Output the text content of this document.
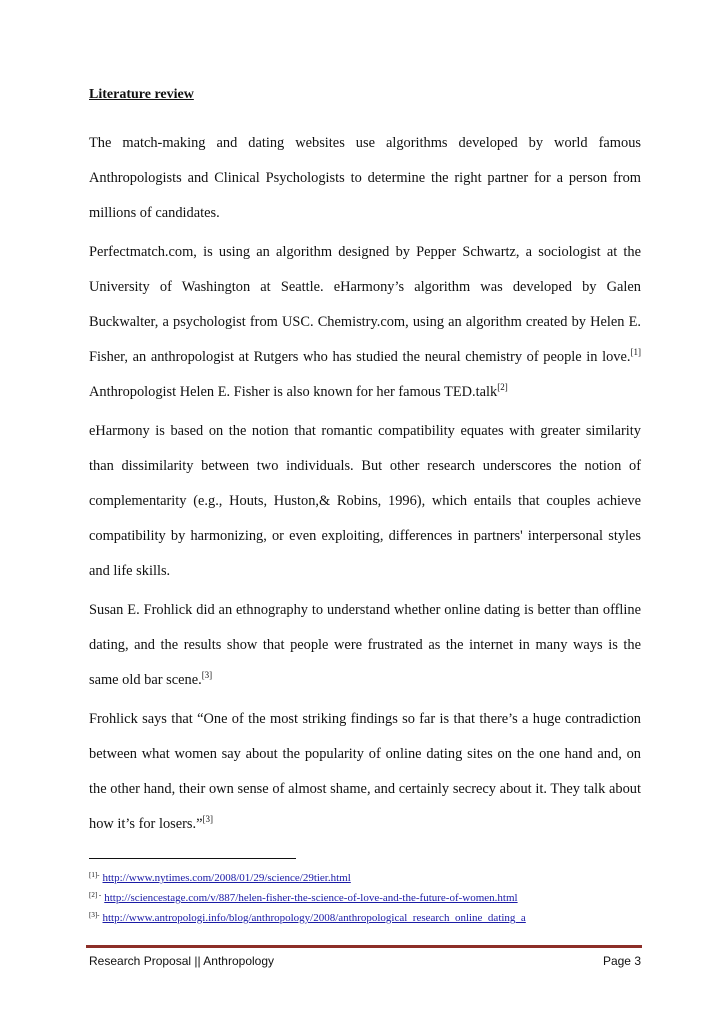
Literature review

The match-making and dating websites use algorithms developed by world famous Anthropologists and Clinical Psychologists to determine the right partner for a person from millions of candidates.

Perfectmatch.com, is using an algorithm designed by Pepper Schwartz, a sociologist at the University of Washington at Seattle. eHarmony’s algorithm was developed by Galen Buckwalter, a psychologist from USC. Chemistry.com, using an algorithm created by Helen E. Fisher, an anthropologist at Rutgers who has studied the neural chemistry of people in love.[1] Anthropologist Helen E. Fisher is also known for her famous TED.talk[2]

eHarmony is based on the notion that romantic compatibility equates with greater similarity than dissimilarity between two individuals. But other research underscores the notion of complementarity (e.g., Houts, Huston,& Robins, 1996), which entails that couples achieve compatibility by harmonizing, or even exploiting, differences in partners' interpersonal styles and life skills.

Susan E. Frohlick did an ethnography to understand whether online dating is better than offline dating, and the results show that people were frustrated as the internet in many ways is the same old bar scene.[3]

Frohlick says that “One of the most striking findings so far is that there’s a huge contradiction between what women say about the popularity of online dating sites on the one hand and, on the other hand, their own sense of almost shame, and certainly secrecy about it. They talk about how it’s for losers.”[3]

$^{[1]-}$ http://www.nytimes.com/2008/01/29/science/29tier.html
$^{[2] -}$ http://sciencestage.com/v/887/helen-fisher-the-science-of-love-and-the-future-of-women.html
$^{[3]-}$ http://www.antropologi.info/blog/anthropology/2008/anthropological_research_online_dating_a
Research Proposal || Anthropology	Page 3
